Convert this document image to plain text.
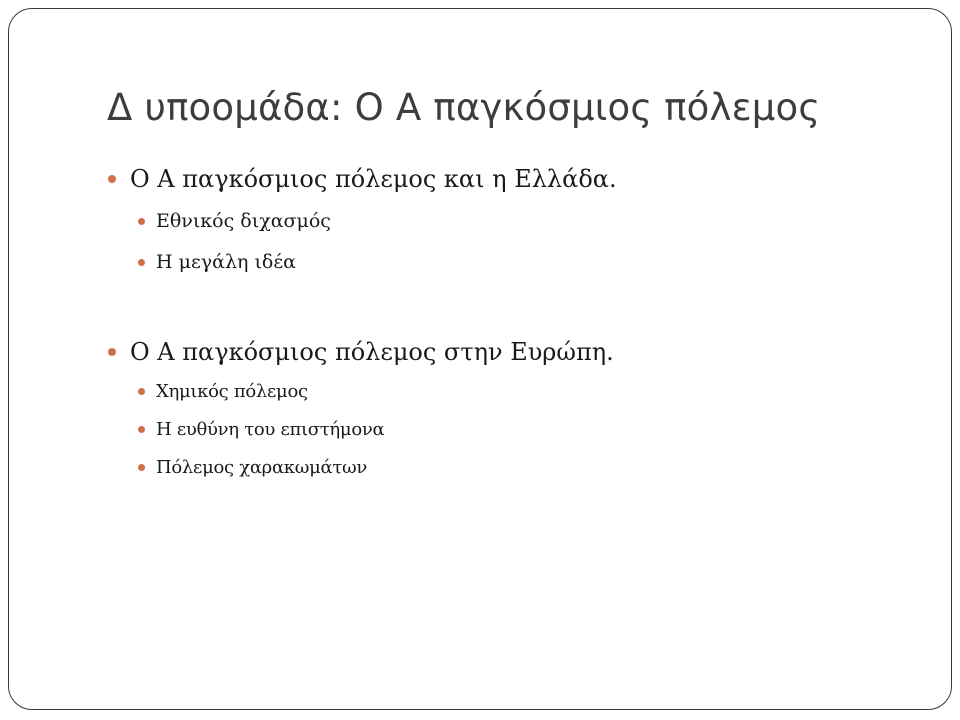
Δ υποομάδα: Ο Α παγκόσμιος πόλεμος
Ο Α παγκόσμιος πόλεμος και η Ελλάδα.
Εθνικός διχασμός
Η μεγάλη ιδέα
Ο Α παγκόσμιος πόλεμος στην Ευρώπη.
Χημικός πόλεμος
Η ευθύνη του επιστήμονα
Πόλεμος χαρακωμάτων
